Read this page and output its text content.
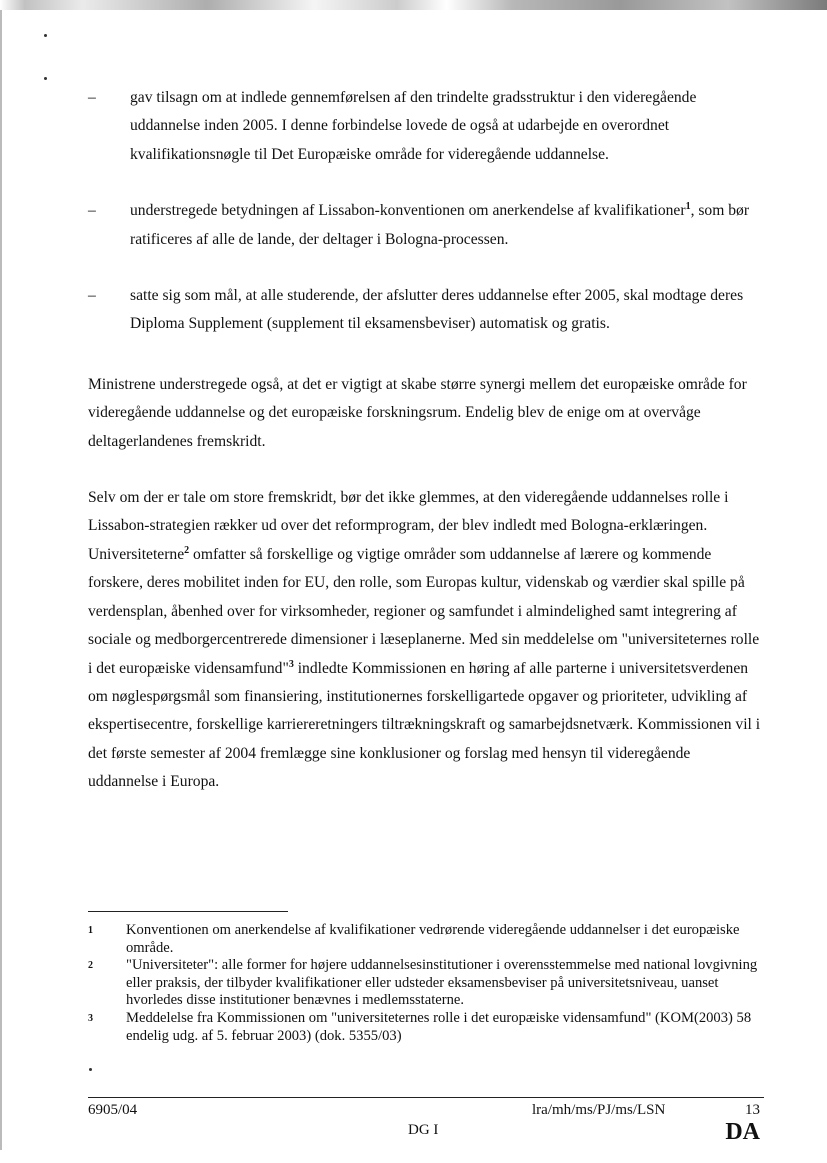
– gav tilsagn om at indlede gennemførelsen af den trindelte gradsstruktur i den videregående uddannelse inden 2005. I denne forbindelse lovede de også at udarbejde en overordnet kvalifikationsnøgle til Det Europæiske område for videregående uddannelse.
– understregede betydningen af Lissabon-konventionen om anerkendelse af kvalifikationer$^1$, som bør ratificeres af alle de lande, der deltager i Bologna-processen.
– satte sig som mål, at alle studerende, der afslutter deres uddannelse efter 2005, skal modtage deres Diploma Supplement (supplement til eksamensbeviser) automatisk og gratis.

Ministrene understregede også, at det er vigtigt at skabe større synergi mellem det europæiske område for videregående uddannelse og det europæiske forskningsrum. Endelig blev de enige om at overvåge deltagerlandenes fremskridt.

Selv om der er tale om store fremskridt, bør det ikke glemmes, at den videregående uddannelses rolle i Lissabon-strategien rækker ud over det reformprogram, der blev indledt med Bologna-erklæringen. Universiteterne$^2$ omfatter så forskellige og vigtige områder som uddannelse af lærere og kommende forskere, deres mobilitet inden for EU, den rolle, som Europas kultur, videnskab og værdier skal spille på verdensplan, åbenhed over for virksomheder, regioner og samfundet i almindelighed samt integrering af sociale og medborgercentrerede dimensioner i læseplanerne. Med sin meddelelse om "universiteternes rolle i det europæiske vidensamfund"$^3$ indledte Kommissionen en høring af alle parterne i universitetsverdenen om nøglespørgsmål som finansiering, institutionernes forskelligartede opgaver og prioriteter, udvikling af ekspertisecentre, forskellige karriereretningers tiltrækningskraft og samarbejdsnetværk. Kommissionen vil i det første semester af 2004 fremlægge sine konklusioner og forslag med hensyn til videregående uddannelse i Europa.

1 Konventionen om anerkendelse af kvalifikationer vedrørende videregående uddannelser i det europæiske område.
2 "Universiteter": alle former for højere uddannelsesinstitutioner i overensstemmelse med national lovgivning eller praksis, der tilbyder kvalifikationer eller udsteder eksamensbeviser på universitetsniveau, uanset hvorledes disse institutioner benævnes i medlemsstaterne.
3 Meddelelse fra Kommissionen om "universiteternes rolle i det europæiske vidensamfund" (KOM(2003) 58 endelig udg. af 5. februar 2003) (dok. 5355/03)
6905/04	lra/mh/ms/PJ/ms/LSN	13
DG I	DA
